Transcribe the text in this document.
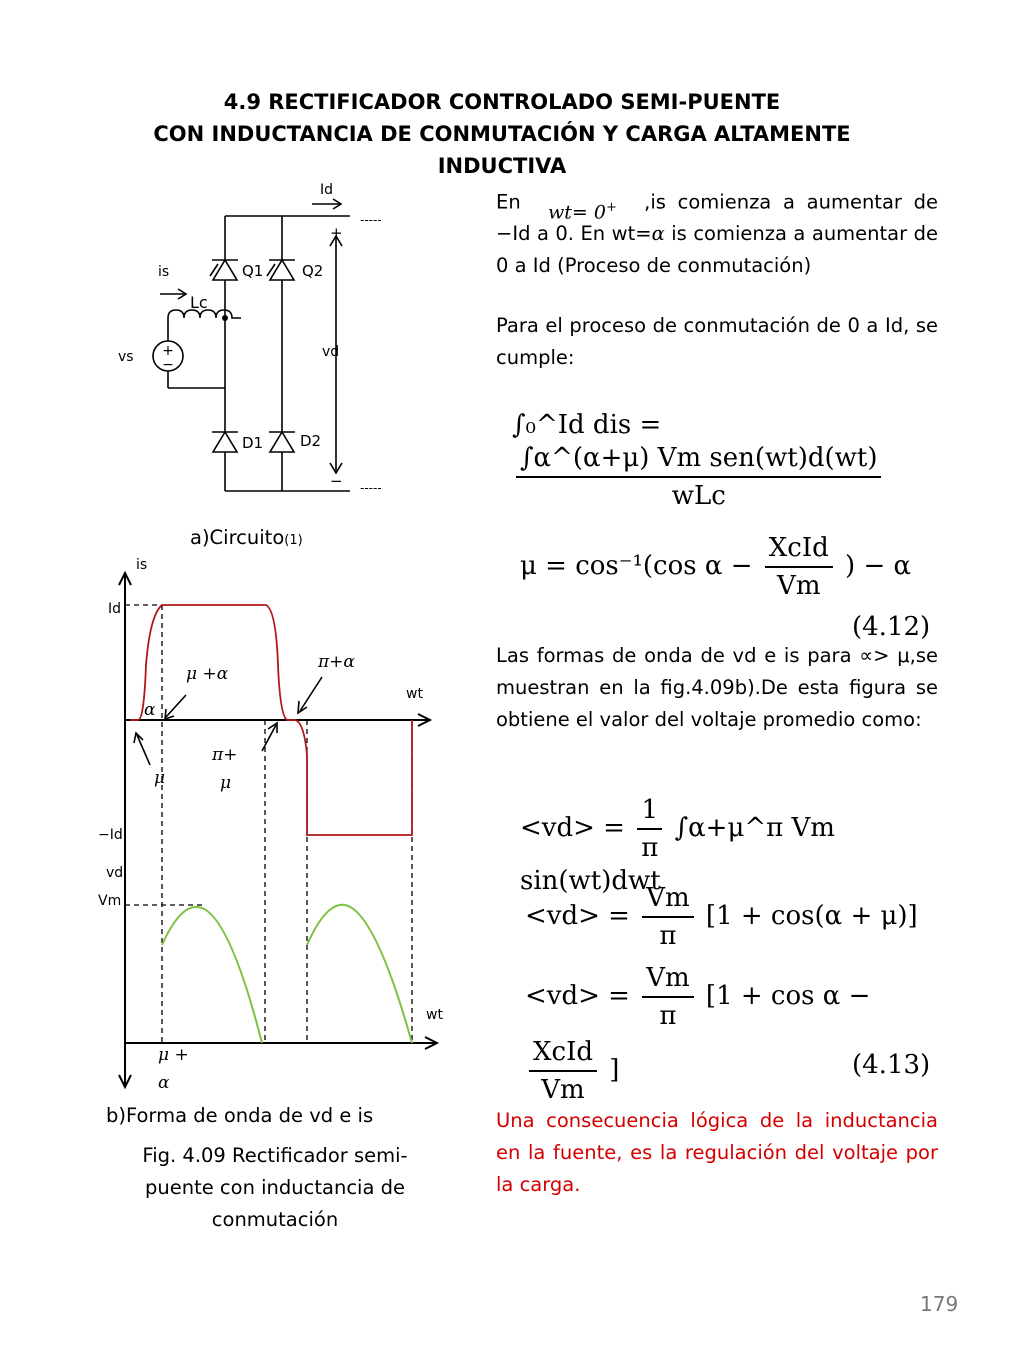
4.9 RECTIFICADOR CONTROLADO SEMI-PUENTE
CON INDUCTANCIA DE CONMUTACIÓN Y CARGA ALTAMENTE
INDUCTIVA
+
−
Id
-----
+
is	Q1	Q2
Lc
vs	vd
D1 D2
− -----
a)Circuito(1)
is
Id
μ +α
π+α
wt
α
π+
μ
μ
−Id
vd
Vm
wt
μ +
α
b)Forma de onda de vd e is
Fig. 4.09 Rectificador semi-puente con inductancia de conmutación
En wt= 0+ ,is comienza a aumentar de −Id a 0. En wt=α is comienza a aumentar de 0 a Id (Proceso de conmutación)
Para el proceso de conmutación de 0 a Id, se cumple:
∫₀^Id dis =
$\frac{\text{∫α\textasciicircum{}(α+μ) Vm sen(wt)d(wt)}}{\text{wLc}}$
μ = cos⁻¹(cos $\alpha - \frac{\text{XcId}}{Vm}$ ) − α
(4.12)
Las formas de onda de vd e is para ∝> μ,se muestran en la fig.4.09b).De esta figura se obtiene el valor del voltaje promedio como:
$<vd> = \frac{1}{\pi}$ ∫α+μ^π Vm sin(wt)dwt
$<vd> = \frac{Vm}{\pi} [1 + \cos(\alpha + \mu)]$
$<vd> = \frac{Vm}{\pi} [1 + \cos \alpha$ −
$\frac{\text{XcId}}{Vm}$ ]	(4.13)
Una consecuencia lógica de la inductancia en la fuente, es la regulación del voltaje por la carga.
179
